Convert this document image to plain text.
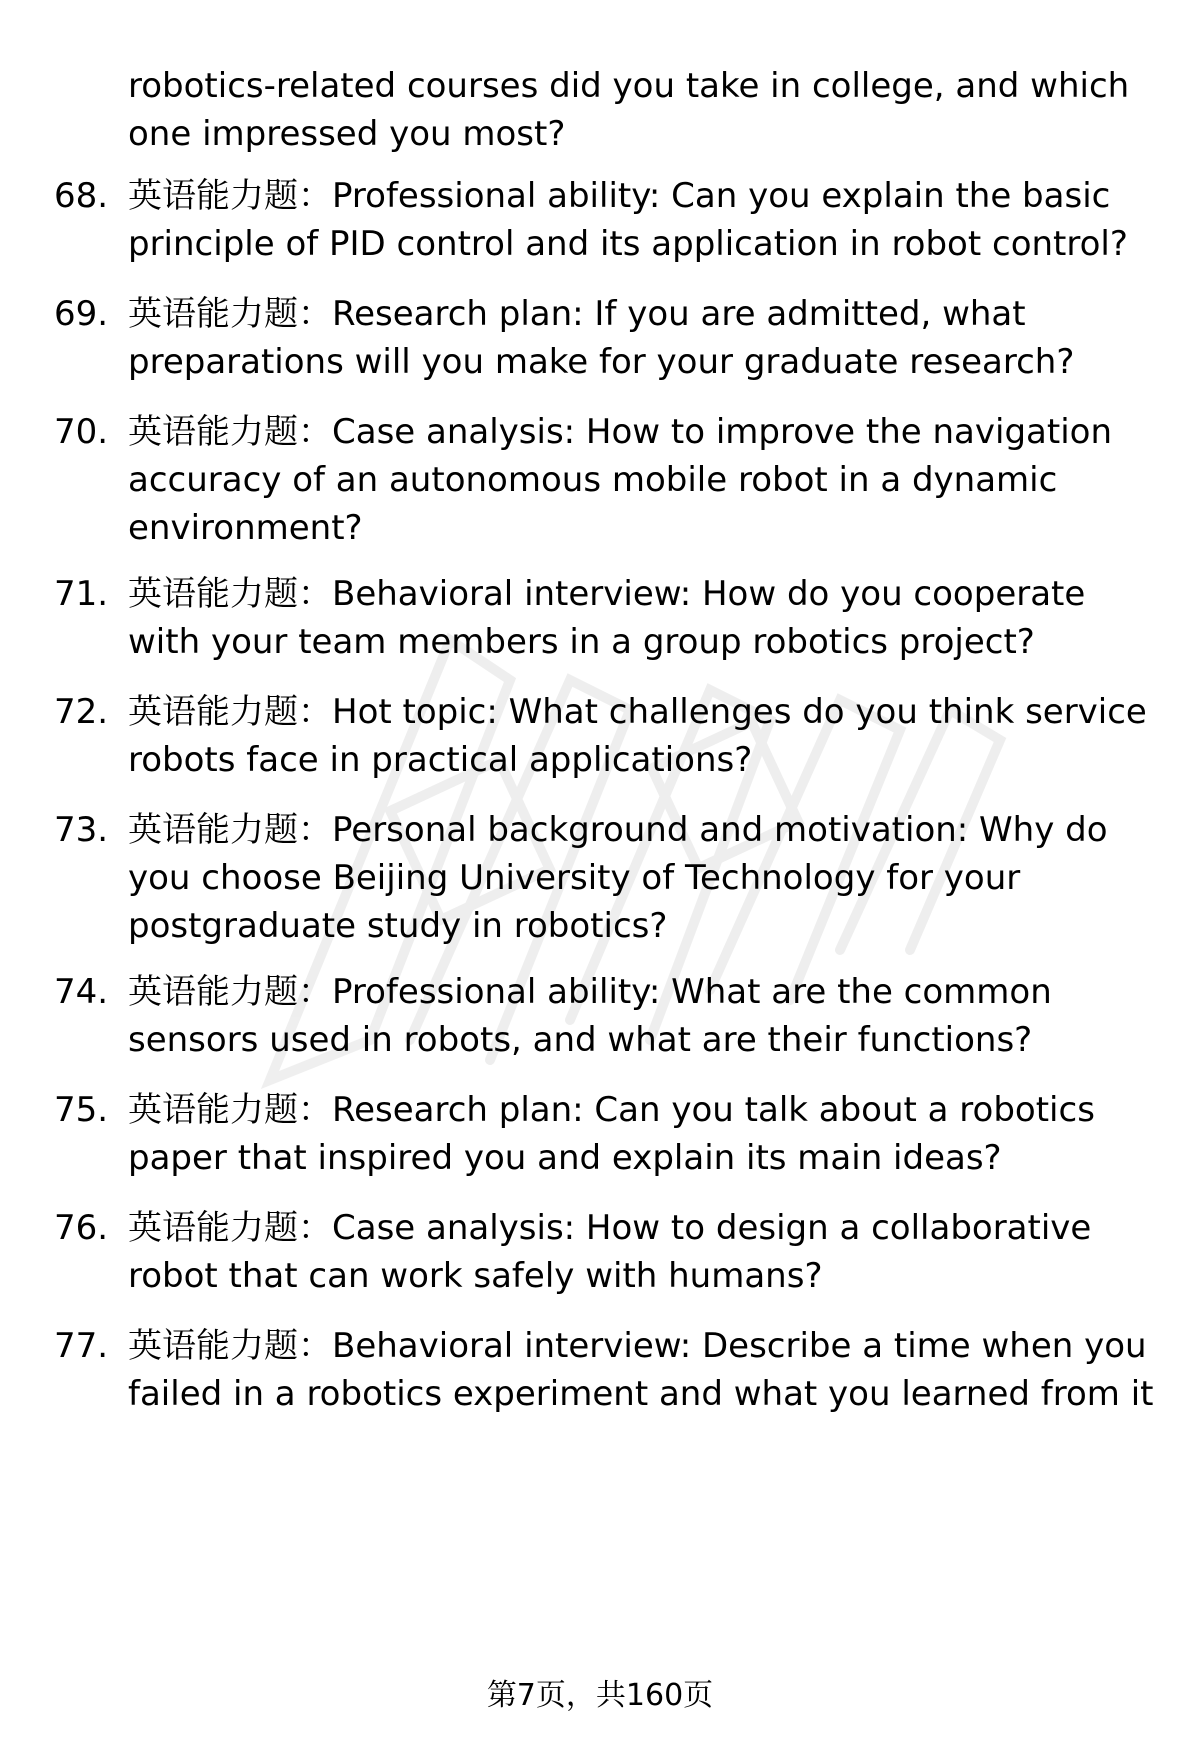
robotics-related courses did you take in college, and which one impressed you most?
68. 英语能力题：Professional ability: Can you explain the basic principle of PID control and its application in robot control?
69. 英语能力题：Research plan: If you are admitted, what preparations will you make for your graduate research?
70. 英语能力题：Case analysis: How to improve the navigation accuracy of an autonomous mobile robot in a dynamic environment?
71. 英语能力题：Behavioral interview: How do you cooperate with your team members in a group robotics project?
72. 英语能力题：Hot topic: What challenges do you think service robots face in practical applications?
73. 英语能力题：Personal background and motivation: Why do you choose Beijing University of Technology for your postgraduate study in robotics?
74. 英语能力题：Professional ability: What are the common sensors used in robots, and what are their functions?
75. 英语能力题：Research plan: Can you talk about a robotics paper that inspired you and explain its main ideas?
76. 英语能力题：Case analysis: How to design a collaborative robot that can work safely with humans?
77. 英语能力题：Behavioral interview: Describe a time when you failed in a robotics experiment and what you learned from it
第7页，共160页
